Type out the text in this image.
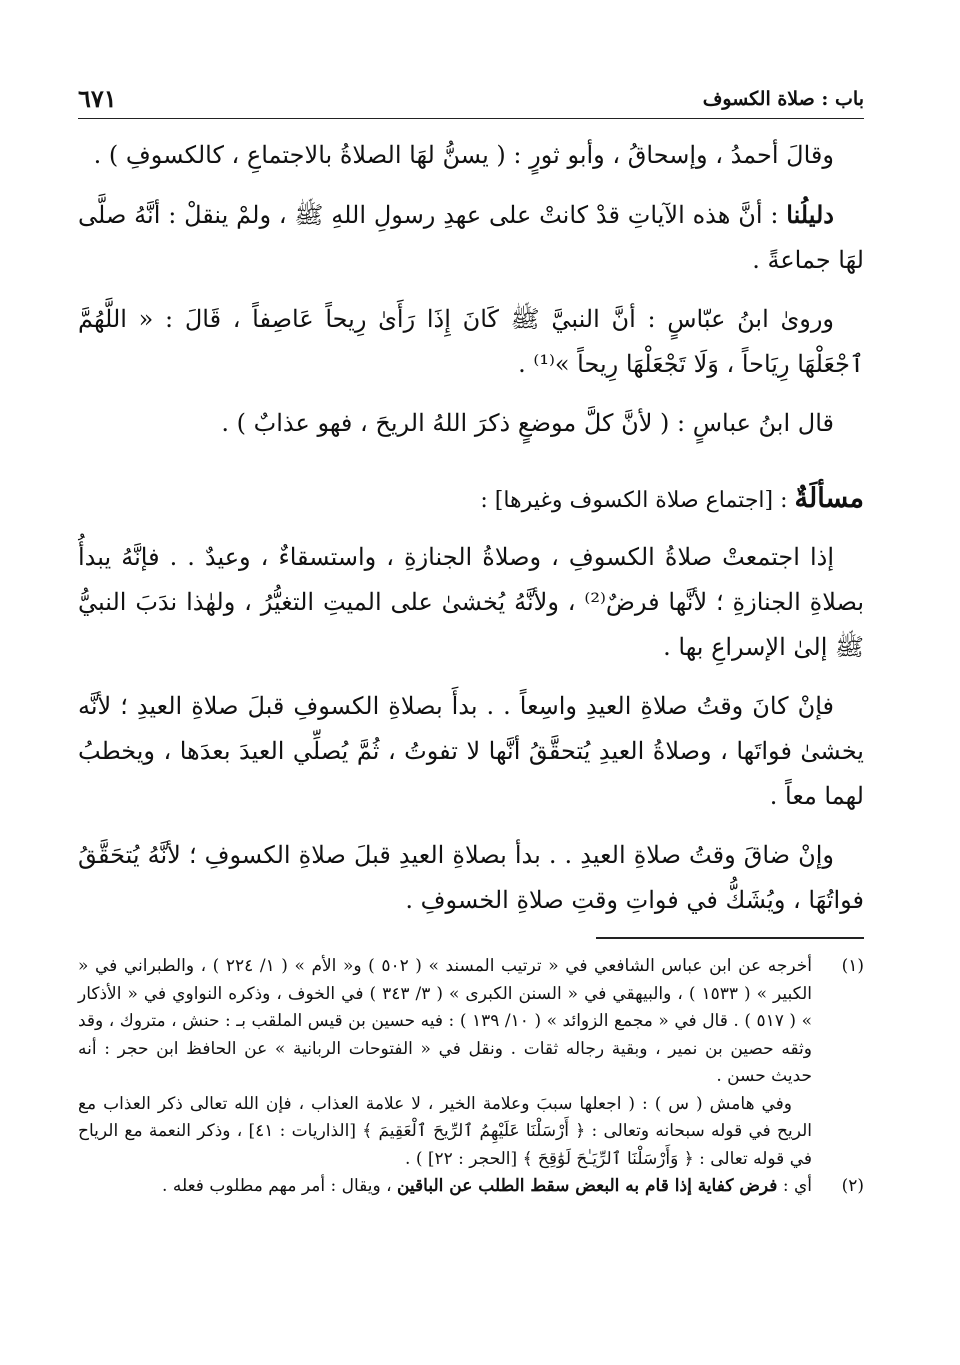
باب : صلاة الكسوف
٦٧١

وقالَ أحمدُ ، وإسحاقُ ، وأبو ثورٍ : ( يسنُّ لهَا الصلاةُ بالاجتماعِ ، كالكسوفِ ) .

دليلُنا : أنَّ هذه الآياتِ قدْ كانتْ على عهدِ رسولِ اللهِ ﷺ ، ولمْ ينقلْ : أنَّهُ صلَّى لهَا جماعةً .

وروىٰ ابنُ عبّاسٍ : أنَّ النبيَّ ﷺ كَانَ إِذَا رَأَىٰ رِيحاً عَاصِفاً ، قَالَ : « اللَّهُمَّ ٱجْعَلْهَا رِيَاحاً ، وَلَا تَجْعَلْهَا رِيحاً »⁽¹⁾ .

قال ابنُ عباسٍ : ( لأنَّ كلَّ موضعٍ ذكرَ اللهُ الريحَ ، فهو عذابٌ ) .

مسألَةٌ : [اجتماع صلاة الكسوف وغيرها] :

إذا اجتمعتْ صلاةُ الكسوفِ ، وصلاةُ الجنازةِ ، واستسقاءٌ ، وعيدٌ . . فإنَّهُ يبدأُ بصلاةِ الجنازةِ ؛ لأنَّها فرضٌ⁽²⁾ ، ولأنَّهُ يُخشىٰ على الميتِ التغيُّرُ ، ولهٰذا ندَبَ النبيُّ ﷺ إلىٰ الإسراعِ بها .

فإنْ كانَ وقتُ صلاةِ العيدِ واسِعاً . . بدأَ بصلاةِ الكسوفِ قبلَ صلاةِ العيدِ ؛ لأنَّه يخشىٰ فواتَها ، وصلاةُ العيدِ يُتحقَّقُ أنَّها لا تفوتُ ، ثُمَّ يُصلِّي العيدَ بعدَها ، ويخطبُ لهما معاً .

وإنْ ضاقَ وقتُ صلاةِ العيدِ . . بدأ بصلاةِ العيدِ قبلَ صلاةِ الكسوفِ ؛ لأنَّهُ يُتحَقَّقُ فواتُهَا ، ويُشَكُّ في فواتِ وقتِ صلاةِ الخسوفِ .

(١)
أخرجه عن ابن عباس الشافعي في « ترتيب المسند » ( ٥٠٢ ) و« الأم » ( ١/ ٢٢٤ ) ، والطبراني في « الكبير » ( ١٥٣٣ ) ، والبيهقي في « السنن الكبرى » ( ٣/ ٣٤٣ ) في الخوف ، وذكره النواوي في « الأذكار » ( ٥١٧ ) . قال في « مجمع الزوائد » ( ١٠/ ١٣٩ ) : فيه حسين بن قيس الملقب بـ : حنش ، متروك ، وقد وثقه حصين بن نمير ، وبقية رجاله ثقات . ونقل في « الفتوحات الربانية » عن الحافظ ابن حجر : أنه حديث حسن .

وفي هامش ( س ) : ( اجعلها سببَ وعلامة الخير ، لا علامة العذاب ، فإن الله تعالى ذكر العذاب مع الريح في قوله سبحانه وتعالى : ﴿ أَرْسَلْنَا عَلَيْهِمُ ٱلرِّيحَ ٱلْعَقِيمَ ﴾ [الذاريات : ٤١] ، وذكر النعمة مع الرياح في قوله تعالى : ﴿ وَأَرْسَلْنَا ٱلرِّيَـٰحَ لَوَٰقِحَ ﴾ [الحجر : ٢٢] ) .

(٢)
أي : فرض كفاية إذا قام به البعض سقط الطلب عن الباقين ، ويقال : أمر مهم مطلوب فعله .
